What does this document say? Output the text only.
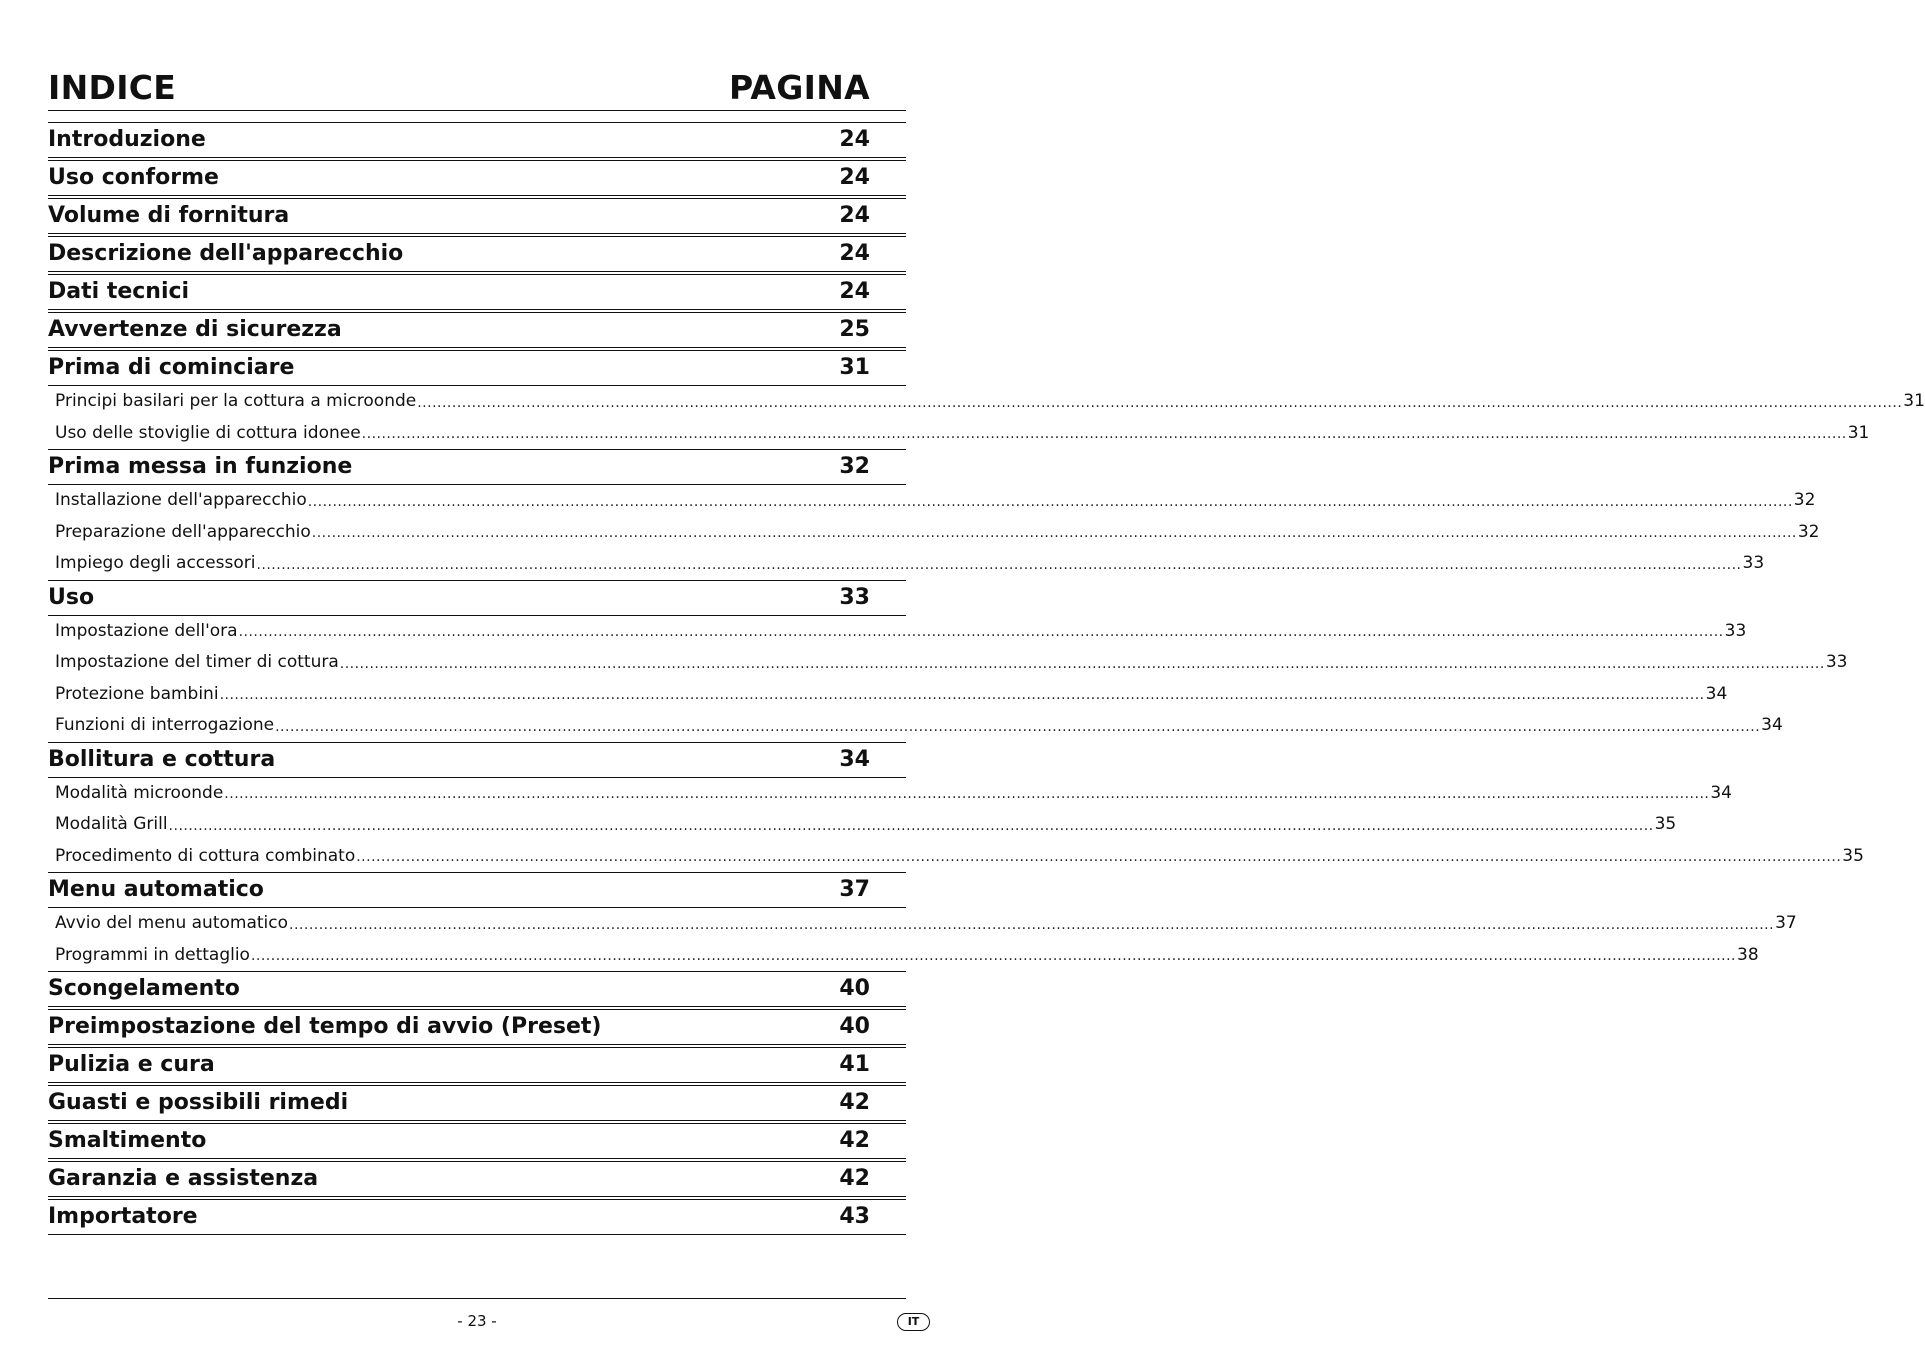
INDICE	PAGINA
Introduzione	24
Uso conforme	24
Volume di fornitura	24
Descrizione dell'apparecchio	24
Dati tecnici	24
Avvertenze di sicurezza	25
Prima di cominciare	31
Principi basilari per la cottura a microonde ............................................................................................................................................................................................................................................................................................................ 31
Uso delle stoviglie di cottura idonee ............................................................................................................................................................................................................................................................................................................ 31
Prima messa in funzione	32
Installazione dell'apparecchio ............................................................................................................................................................................................................................................................................................................ 32
Preparazione dell'apparecchio ............................................................................................................................................................................................................................................................................................................ 32
Impiego degli accessori ............................................................................................................................................................................................................................................................................................................ 33
Uso	33
Impostazione dell'ora ............................................................................................................................................................................................................................................................................................................ 33
Impostazione del timer di cottura ............................................................................................................................................................................................................................................................................................................ 33
Protezione bambini ............................................................................................................................................................................................................................................................................................................ 34
Funzioni di interrogazione ............................................................................................................................................................................................................................................................................................................ 34
Bollitura e cottura	34
Modalità microonde ............................................................................................................................................................................................................................................................................................................ 34
Modalità Grill ............................................................................................................................................................................................................................................................................................................ 35
Procedimento di cottura combinato ............................................................................................................................................................................................................................................................................................................ 35
Menu automatico	37
Avvio del menu automatico ............................................................................................................................................................................................................................................................................................................ 37
Programmi in dettaglio ............................................................................................................................................................................................................................................................................................................ 38
Scongelamento	40
Preimpostazione del tempo di avvio (Preset)	40
Pulizia e cura	41
Guasti e possibili rimedi	42
Smaltimento	42
Garanzia e assistenza	42
Importatore	43
- 23 -	IT
